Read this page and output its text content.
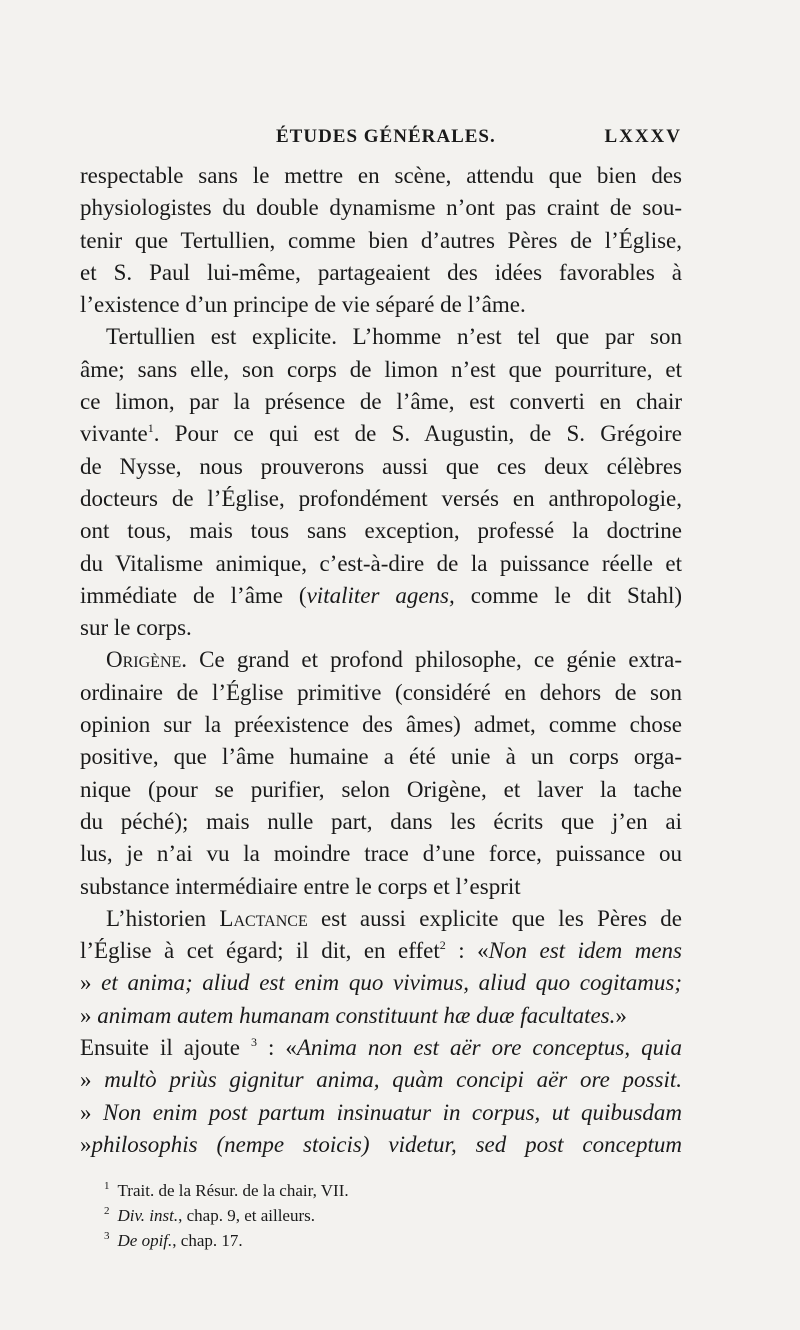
ÉTUDES GÉNÉRALES.	LXXXV
respectable sans le mettre en scène, attendu que bien des
physiologistes du double dynamisme n’ont pas craint de sou-
tenir que Tertullien, comme bien d’autres Pères de l’Église,
et S. Paul lui-même, partageaient des idées favorables à
l’existence d’un principe de vie séparé de l’âme.
Tertullien est explicite. L’homme n’est tel que par son
âme; sans elle, son corps de limon n’est que pourriture, et
ce limon, par la présence de l’âme, est converti en chair
vivante$^1$. Pour ce qui est de S. Augustin, de S. Grégoire
de Nysse, nous prouverons aussi que ces deux célèbres
docteurs de l’Église, profondément versés en anthropologie,
ont tous, mais tous sans exception, professé la doctrine
du Vitalisme animique, c’est-à-dire de la puissance réelle et
immédiate de l’âme (vitaliter agens, comme le dit Stahl)
sur le corps.
Origène. Ce grand et profond philosophe, ce génie extra-
ordinaire de l’Église primitive (considéré en dehors de son
opinion sur la préexistence des âmes) admet, comme chose
positive, que l’âme humaine a été unie à un corps orga-
nique (pour se purifier, selon Origène, et laver la tache
du péché); mais nulle part, dans les écrits que j’en ai
lus, je n’ai vu la moindre trace d’une force, puissance ou
substance intermédiaire entre le corps et l’esprit
L’historien Lactance est aussi explicite que les Pères de
l’Église à cet égard; il dit, en effet$^2$ : «Non est idem mens
» et anima; aliud est enim quo vivimus, aliud quo cogitamus;
» animam autem humanam constituunt hæ duæ facultates.»
Ensuite il ajoute $^3$ : «Anima non est aër ore conceptus, quia
» multò priùs gignitur anima, quàm concipi aër ore possit.
» Non enim post partum insinuatur in corpus, ut quibusdam
»philosophis (nempe stoicis) videtur, sed post conceptum
$^1$ Trait. de la Résur. de la chair, VII.
$^2$ Div. inst., chap. 9, et ailleurs.
$^3$ De opif., chap. 17.
